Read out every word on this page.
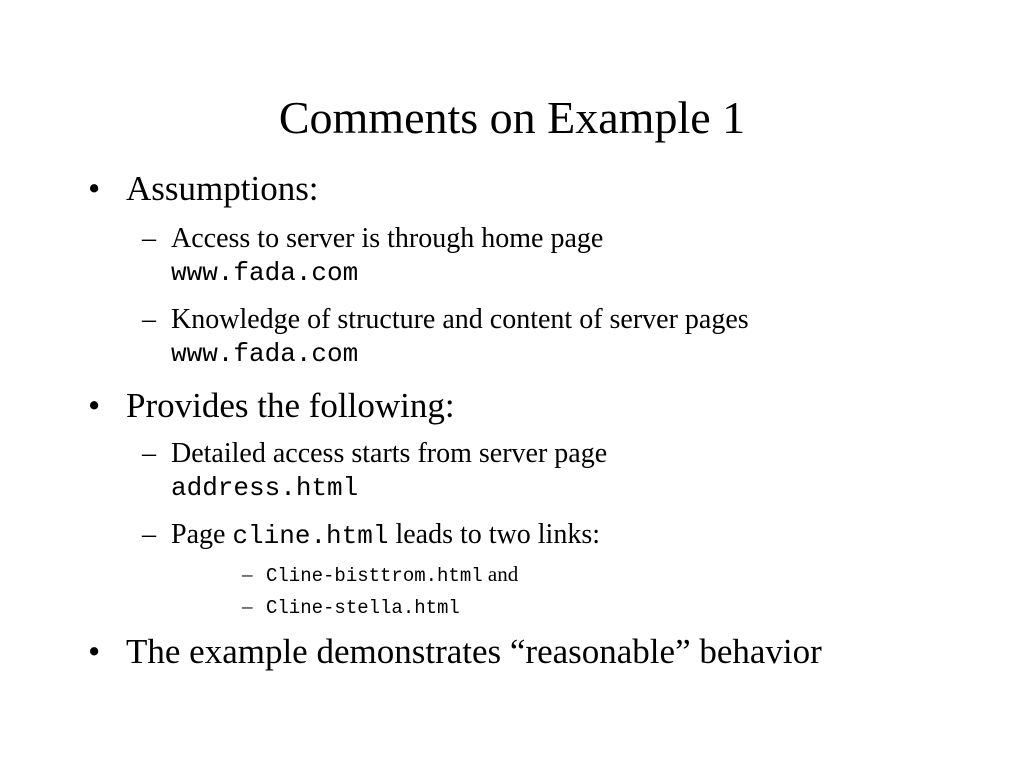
Comments on Example 1
• Assumptions:
– Access to server is through home page
www.fada.com
– Knowledge of structure and content of server pages
www.fada.com
• Provides the following:
– Detailed access starts from server page
address.html
– Page cline.html leads to two links:
– Cline-bisttrom.html and
– Cline-stella.html
• The example demonstrates “reasonable” behavior
